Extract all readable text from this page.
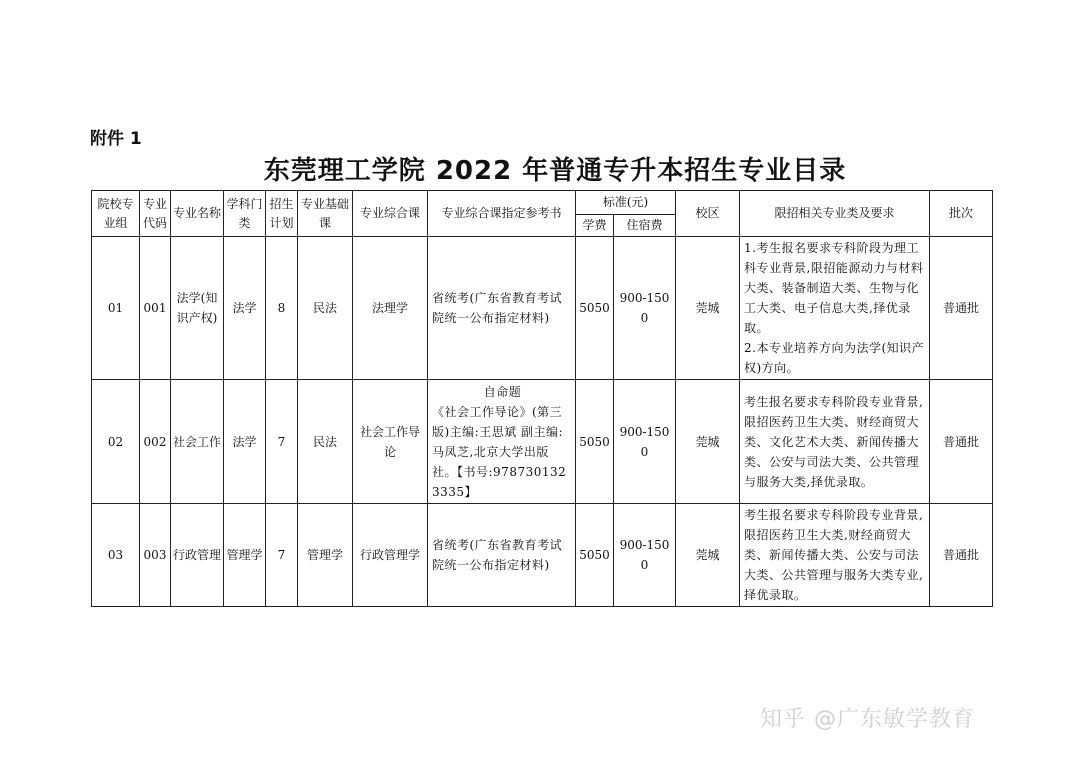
附件 1
东莞理工学院 2022 年普通专升本招生专业目录
院校专业组	专业代码	专业名称	学科门类	招生计划	专业基础课	专业综合课	专业综合课指定参考书	标准(元)		校区	限招相关专业类及要求	批次
								学费	住宿费			
01	001	法学(知识产权)	法学	8	民法	法理学	省统考(广东省教育考试院统一公布指定材料)	5050	900-1500	莞城	1.考生报名要求专科阶段为理工科专业背景,限招能源动力与材料大类、装备制造大类、生物与化工大类、电子信息大类,择优录取。
2.本专业培养方向为法学(知识产权)方向。	普通批
02	002	社会工作	法学	7	民法	社会工作导论	自命题
《社会工作导论》(第三版)主编:王思斌 副主编:马凤芝,北京大学出版社。【书号:9787301323335】	5050	900-1500	莞城	考生报名要求专科阶段专业背景,限招医药卫生大类、财经商贸大类、文化艺术大类、新闻传播大类、公安与司法大类、公共管理与服务大类,择优录取。	普通批
03	003	行政管理	管理学	7	管理学	行政管理学	省统考(广东省教育考试院统一公布指定材料)	5050	900-1500	莞城	考生报名要求专科阶段专业背景,限招医药卫生大类,财经商贸大类、新闻传播大类、公安与司法大类、公共管理与服务大类专业,择优录取。	普通批
知乎 @广东敏学教育
